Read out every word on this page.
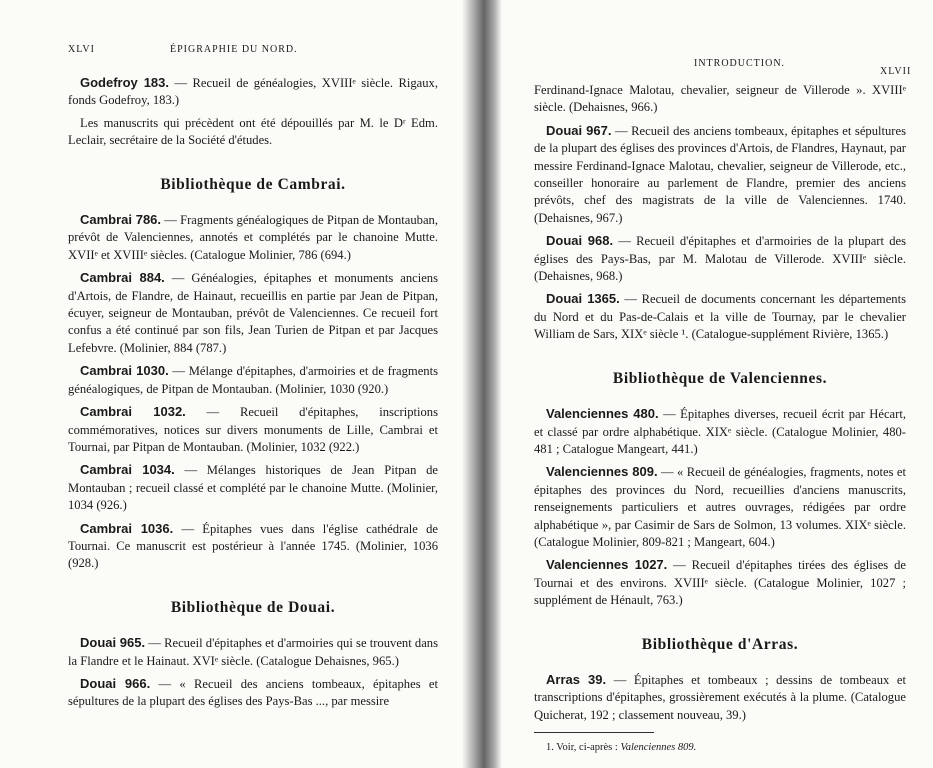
XLVI	ÉPIGRAPHIE DU NORD.

Godefroy 183. — Recueil de généalogies, XVIIIᵉ siècle. Rigaux, fonds Godefroy, 183.)

Les manuscrits qui précèdent ont été dépouillés par M. le Dʳ Edm. Leclair, secrétaire de la Société d'études.

Bibliothèque de Cambrai.

Cambrai 786. — Fragments généalogiques de Pitpan de Montauban, prévôt de Valenciennes, annotés et complétés par le chanoine Mutte. XVIIᵉ et XVIIIᵉ siècles. (Catalogue Molinier, 786 (694.)

Cambrai 884. — Généalogies, épitaphes et monuments anciens d'Artois, de Flandre, de Hainaut, recueillis en partie par Jean de Pitpan, écuyer, seigneur de Montauban, prévôt de Valenciennes. Ce recueil fort confus a été continué par son fils, Jean Turien de Pitpan et par Jacques Lefebvre. (Molinier, 884 (787.)

Cambrai 1030. — Mélange d'épitaphes, d'armoiries et de fragments généalogiques, de Pitpan de Montauban. (Molinier, 1030 (920.)

Cambrai 1032. — Recueil d'épitaphes, inscriptions commémoratives, notices sur divers monuments de Lille, Cambrai et Tournai, par Pitpan de Montauban. (Molinier, 1032 (922.)

Cambrai 1034. — Mélanges historiques de Jean Pitpan de Montauban ; recueil classé et complété par le chanoine Mutte. (Molinier, 1034 (926.)

Cambrai 1036. — Épitaphes vues dans l'église cathédrale de Tournai. Ce manuscrit est postérieur à l'année 1745. (Molinier, 1036 (928.)

Bibliothèque de Douai.

Douai 965. — Recueil d'épitaphes et d'armoiries qui se trouvent dans la Flandre et le Hainaut. XVIᵉ siècle. (Catalogue Dehaisnes, 965.)

Douai 966. — « Recueil des anciens tombeaux, épitaphes et sépultures de la plupart des églises des Pays-Bas ..., par messire

INTRODUCTION.
XLVII

Ferdinand-Ignace Malotau, chevalier, seigneur de Villerode ». XVIIIᵉ siècle. (Dehaisnes, 966.)

Douai 967. — Recueil des anciens tombeaux, épitaphes et sépultures de la plupart des églises des provinces d'Artois, de Flandres, Haynaut, par messire Ferdinand-Ignace Malotau, chevalier, seigneur de Villerode, etc., conseiller honoraire au parlement de Flandre, premier des anciens prévôts, chef des magistrats de la ville de Valenciennes. 1740. (Dehaisnes, 967.)

Douai 968. — Recueil d'épitaphes et d'armoiries de la plupart des églises des Pays-Bas, par M. Malotau de Villerode. XVIIIᵉ siècle. (Dehaisnes, 968.)

Douai 1365. — Recueil de documents concernant les départements du Nord et du Pas-de-Calais et la ville de Tournay, par le chevalier William de Sars, XIXᵉ siècle ¹. (Catalogue-supplément Rivière, 1365.)

Bibliothèque de Valenciennes.

Valenciennes 480. — Épitaphes diverses, recueil écrit par Hécart, et classé par ordre alphabétique. XIXᵉ siècle. (Catalogue Molinier, 480-481 ; Catalogue Mangeart, 441.)

Valenciennes 809. — « Recueil de généalogies, fragments, notes et épitaphes des provinces du Nord, recueillies d'anciens manuscrits, renseignements particuliers et autres ouvrages, rédigées par ordre alphabétique », par Casimir de Sars de Solmon, 13 volumes. XIXᵉ siècle. (Catalogue Molinier, 809-821 ; Mangeart, 604.)

Valenciennes 1027. — Recueil d'épitaphes tirées des églises de Tournai et des environs. XVIIIᵉ siècle. (Catalogue Molinier, 1027 ; supplément de Hénault, 763.)

Bibliothèque d'Arras.

Arras 39. — Épitaphes et tombeaux ; dessins de tombeaux et transcriptions d'épitaphes, grossièrement exécutés à la plume. (Catalogue Quicherat, 192 ; classement nouveau, 39.)

1. Voir, ci-après : Valenciennes 809.
